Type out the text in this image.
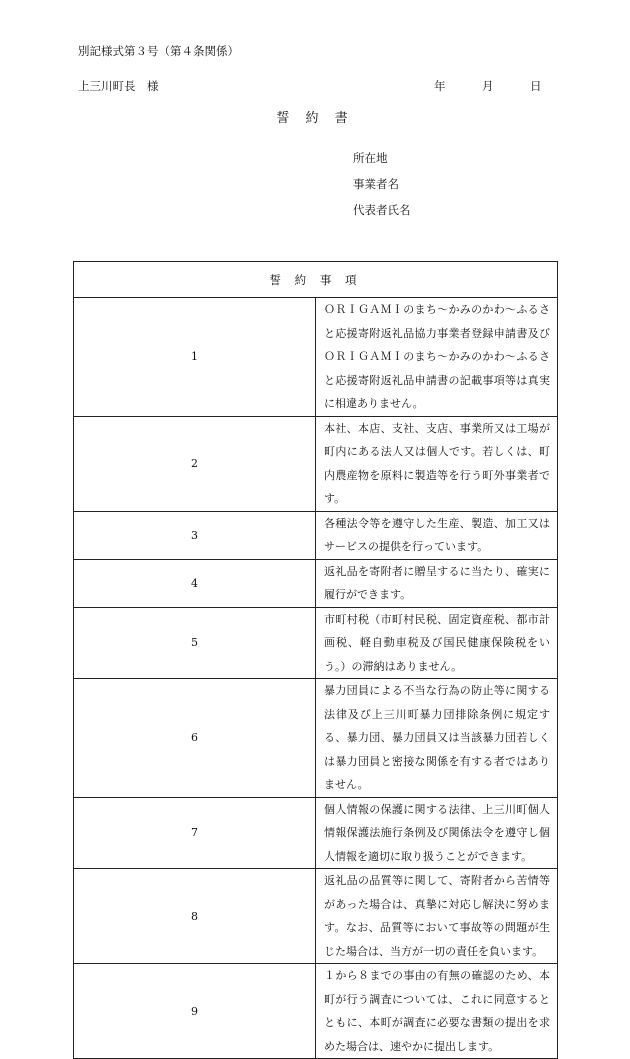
別記様式第３号（第４条関係）
上三川町長　様	年	月	日
誓 約 書
所在地
事業者名
代表者氏名
誓 約 事 項	
1	ＯＲＩＧＡＭＩのまち～かみのかわ～ふるさと応援寄附返礼品協力事業者登録申請書及びＯＲＩＧＡＭＩのまち～かみのかわ～ふるさと応援寄附返礼品申請書の記載事項等は真実に相違ありません。
2	本社、本店、支社、支店、事業所又は工場が町内にある法人又は個人です。若しくは、町内農産物を原料に製造等を行う町外事業者です。
3	各種法令等を遵守した生産、製造、加工又はサービスの提供を行っています。
4	返礼品を寄附者に贈呈するに当たり、確実に履行ができます。
5	市町村税（市町村民税、固定資産税、都市計画税、軽自動車税及び国民健康保険税をいう。）の滞納はありません。
6	暴力団員による不当な行為の防止等に関する法律及び上三川町暴力団排除条例に規定する、暴力団、暴力団員又は当該暴力団若しくは暴力団員と密接な関係を有する者ではありません。
7	個人情報の保護に関する法律、上三川町個人情報保護法施行条例及び関係法令を遵守し個人情報を適切に取り扱うことができます。
8	返礼品の品質等に関して、寄附者から苦情等があった場合は、真摯に対応し解決に努めます。なお、品質等において事故等の問題が生じた場合は、当方が一切の責任を負います。
9	１から８までの事由の有無の確認のため、本町が行う調査については、これに同意するとともに、本町が調査に必要な書類の提出を求めた場合は、速やかに提出します。
